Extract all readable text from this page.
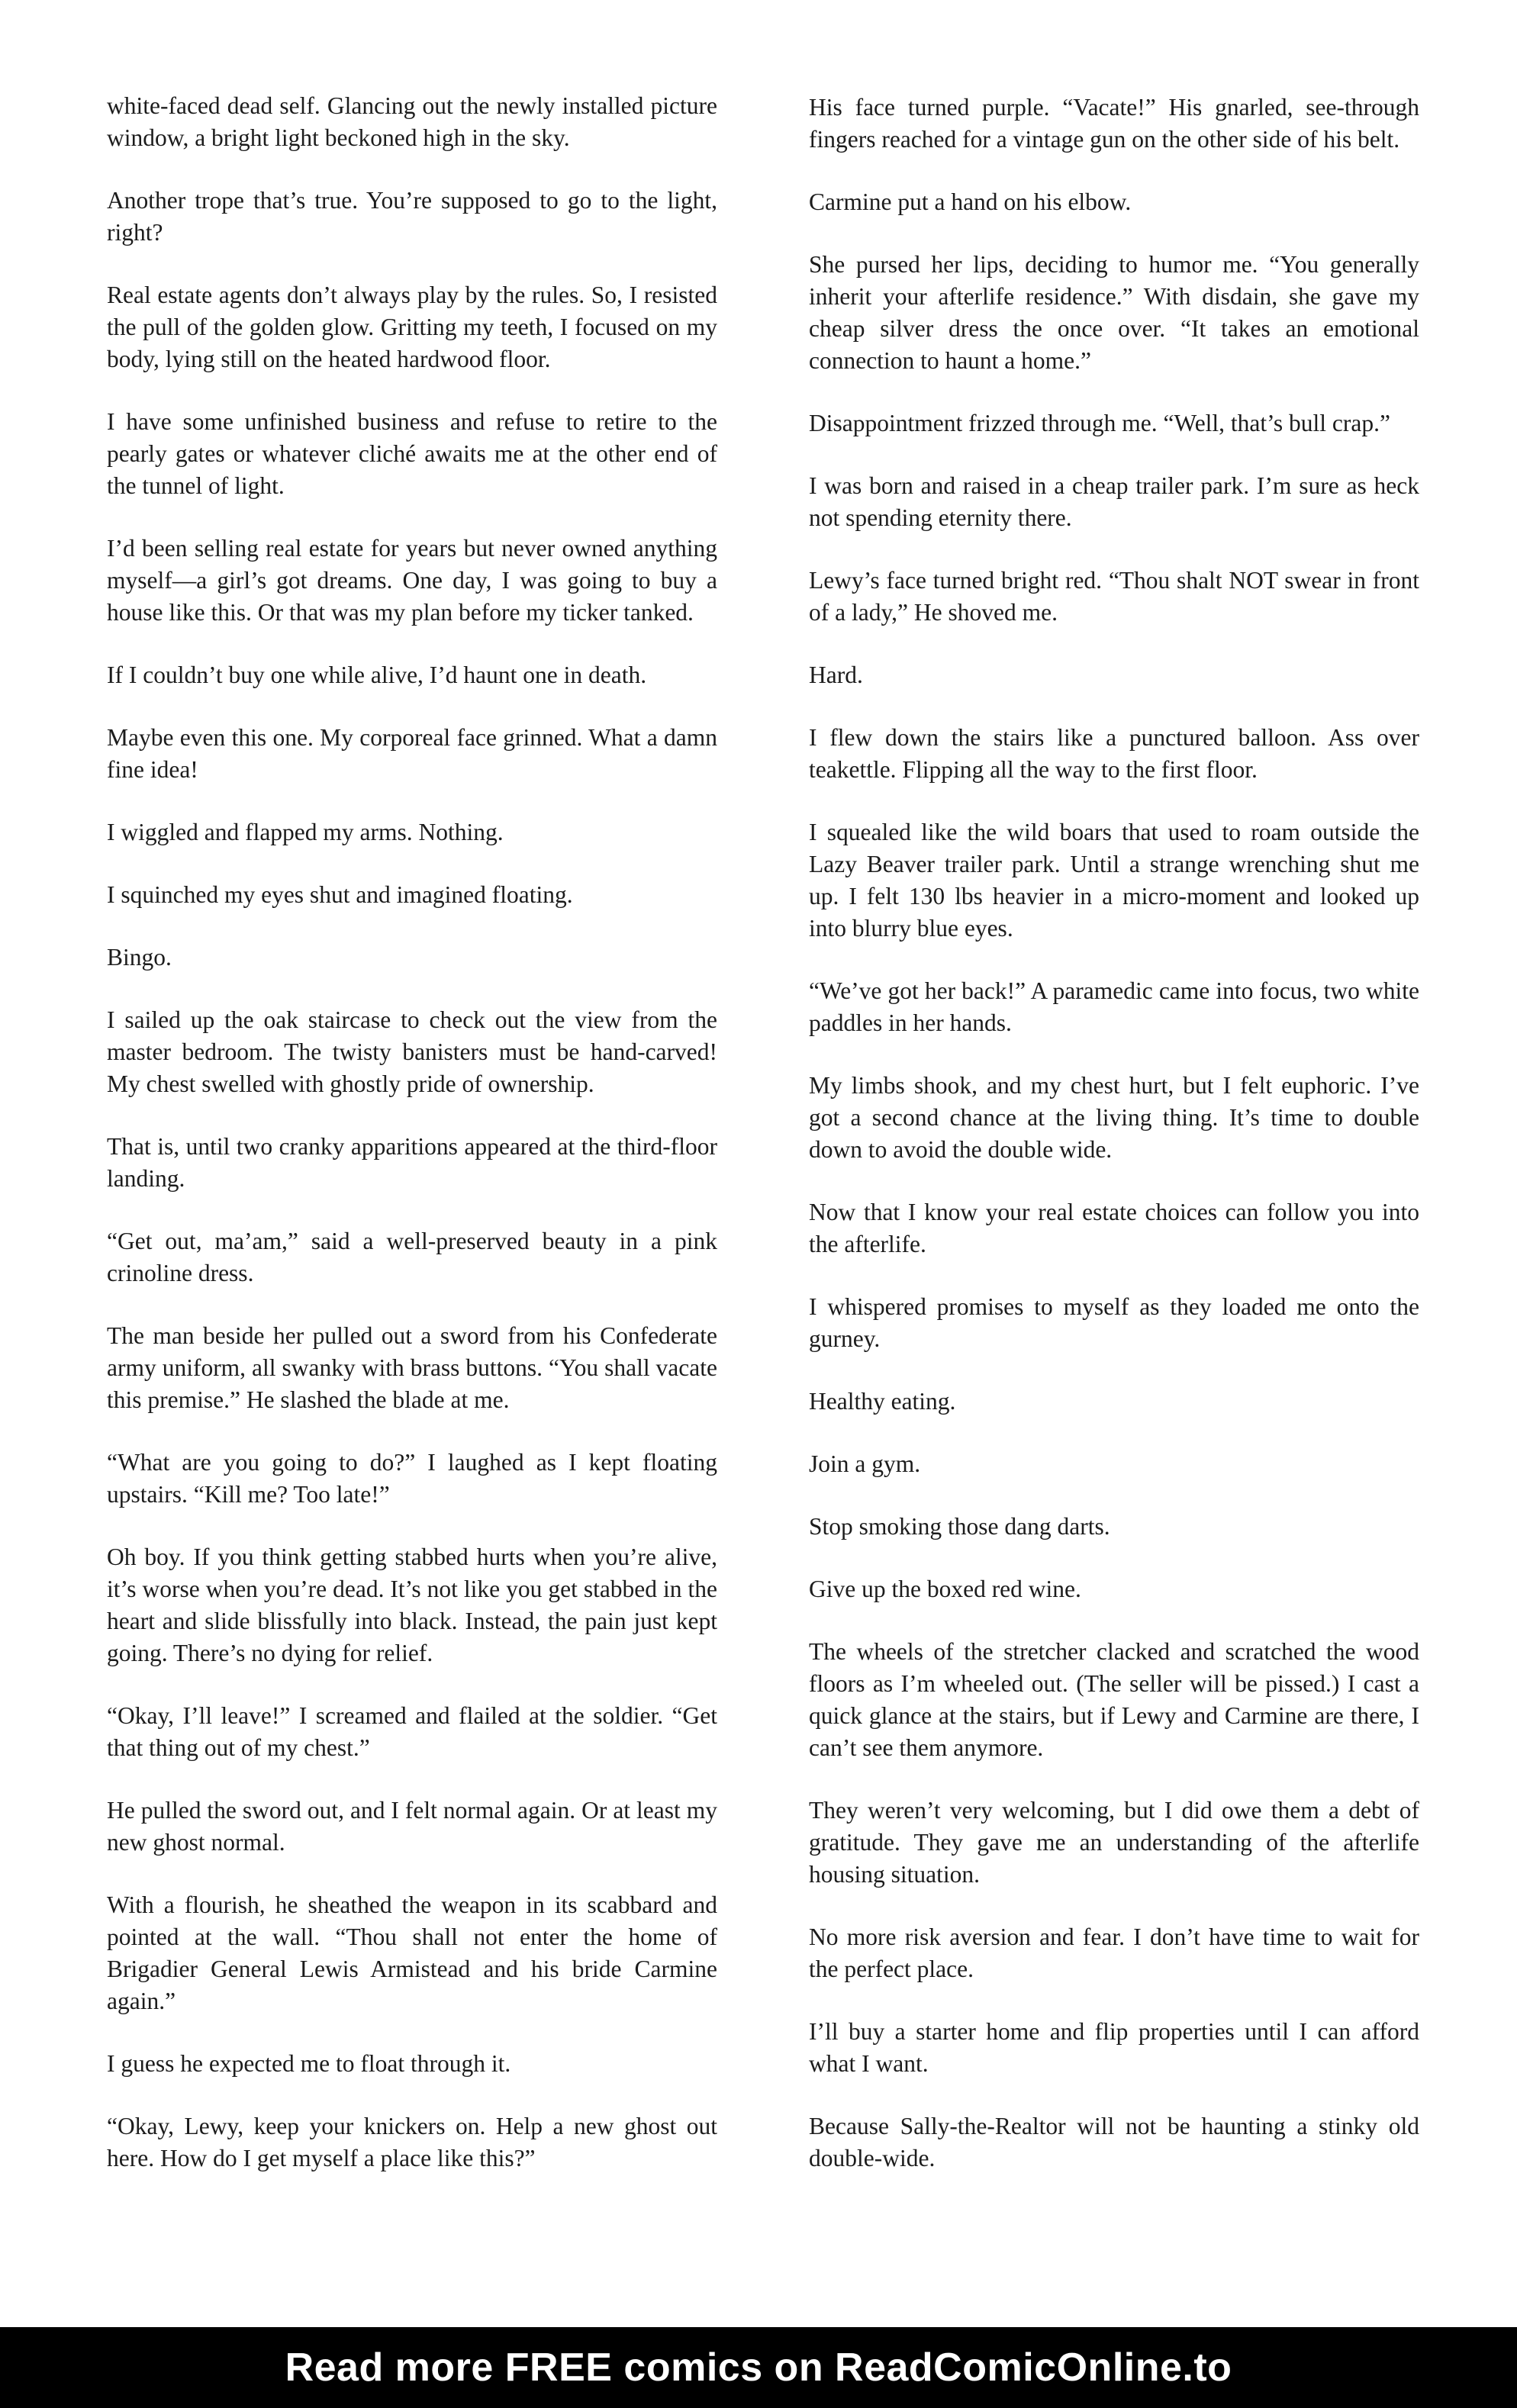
white-faced dead self. Glancing out the newly installed picture window, a bright light beckoned high in the sky.

Another trope that’s true. You’re supposed to go to the light, right?

Real estate agents don’t always play by the rules. So, I resisted the pull of the golden glow. Gritting my teeth, I focused on my body, lying still on the heated hardwood floor.

I have some unfinished business and refuse to retire to the pearly gates or whatever cliché awaits me at the other end of the tunnel of light.

I’d been selling real estate for years but never owned anything myself—a girl’s got dreams. One day, I was going to buy a house like this. Or that was my plan before my ticker tanked.

If I couldn’t buy one while alive, I’d haunt one in death.

Maybe even this one. My corporeal face grinned. What a damn fine idea!

I wiggled and flapped my arms. Nothing.

I squinched my eyes shut and imagined floating.

Bingo.

I sailed up the oak staircase to check out the view from the master bedroom. The twisty banisters must be hand-carved! My chest swelled with ghostly pride of ownership.

That is, until two cranky apparitions appeared at the third-floor landing.

“Get out, ma’am,” said a well-preserved beauty in a pink crinoline dress.

The man beside her pulled out a sword from his Confederate army uniform, all swanky with brass buttons. “You shall vacate this premise.” He slashed the blade at me.

“What are you going to do?” I laughed as I kept floating upstairs. “Kill me? Too late!”

Oh boy. If you think getting stabbed hurts when you’re alive, it’s worse when you’re dead. It’s not like you get stabbed in the heart and slide blissfully into black. Instead, the pain just kept going. There’s no dying for relief.

“Okay, I’ll leave!” I screamed and flailed at the soldier. “Get that thing out of my chest.”

He pulled the sword out, and I felt normal again. Or at least my new ghost normal.

With a flourish, he sheathed the weapon in its scabbard and pointed at the wall. “Thou shall not enter the home of Brigadier General Lewis Armistead and his bride Carmine again.”

I guess he expected me to float through it.

“Okay, Lewy, keep your knickers on. Help a new ghost out here. How do I get myself a place like this?”

His face turned purple. “Vacate!” His gnarled, see-through fingers reached for a vintage gun on the other side of his belt.

Carmine put a hand on his elbow.

She pursed her lips, deciding to humor me. “You generally inherit your afterlife residence.” With disdain, she gave my cheap silver dress the once over. “It takes an emotional connection to haunt a home.”

Disappointment frizzed through me. “Well, that’s bull crap.”

I was born and raised in a cheap trailer park. I’m sure as heck not spending eternity there.

Lewy’s face turned bright red. “Thou shalt NOT swear in front of a lady,” He shoved me.

Hard.

I flew down the stairs like a punctured balloon. Ass over teakettle. Flipping all the way to the first floor.

I squealed like the wild boars that used to roam outside the Lazy Beaver trailer park. Until a strange wrenching shut me up. I felt 130 lbs heavier in a micro-moment and looked up into blurry blue eyes.

“We’ve got her back!” A paramedic came into focus, two white paddles in her hands.

My limbs shook, and my chest hurt, but I felt euphoric. I’ve got a second chance at the living thing. It’s time to double down to avoid the double wide.

Now that I know your real estate choices can follow you into the afterlife.

I whispered promises to myself as they loaded me onto the gurney.

Healthy eating.

Join a gym.

Stop smoking those dang darts.

Give up the boxed red wine.

The wheels of the stretcher clacked and scratched the wood floors as I’m wheeled out. (The seller will be pissed.) I cast a quick glance at the stairs, but if Lewy and Carmine are there, I can’t see them anymore.

They weren’t very welcoming, but I did owe them a debt of gratitude. They gave me an understanding of the afterlife housing situation.

No more risk aversion and fear. I don’t have time to wait for the perfect place.

I’ll buy a starter home and flip properties until I can afford what I want.

Because Sally-the-Realtor will not be haunting a stinky old double-wide.

Read more FREE comics on ReadComicOnline.to
